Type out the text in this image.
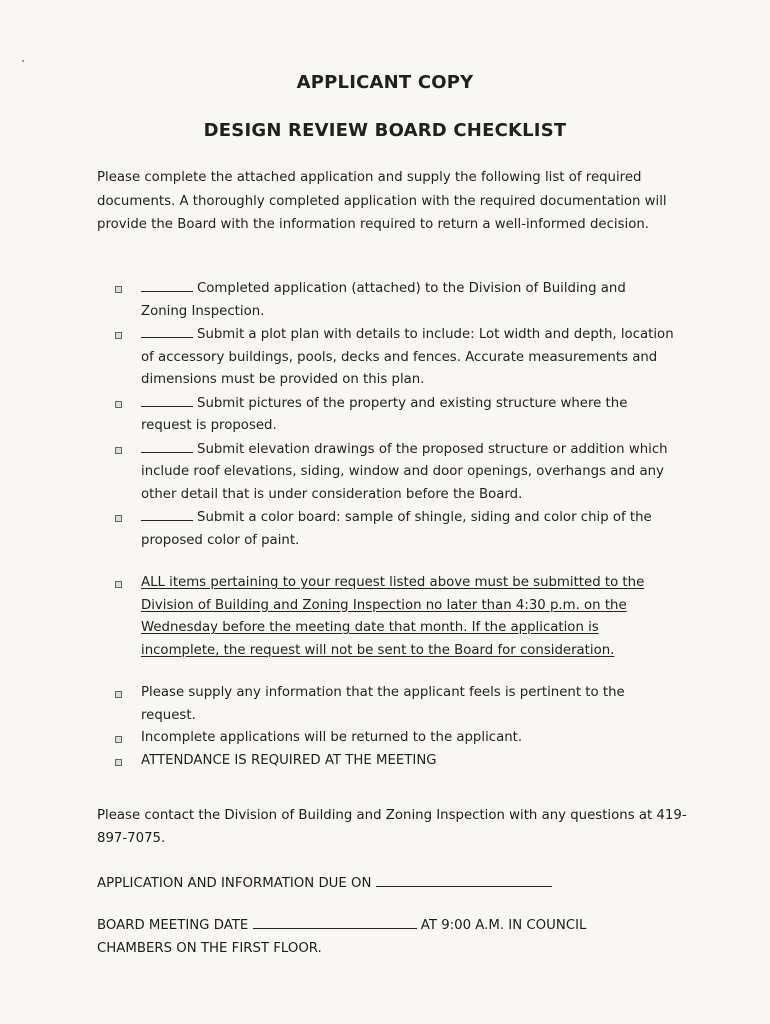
APPLICANT COPY
DESIGN REVIEW BOARD CHECKLIST
Please complete the attached application and supply the following list of required documents. A thoroughly completed application with the required documentation will provide the Board with the information required to return a well-informed decision.
Completed application (attached) to the Division of Building and Zoning Inspection.
Submit a plot plan with details to include: Lot width and depth, location of accessory buildings, pools, decks and fences. Accurate measurements and dimensions must be provided on this plan.
Submit pictures of the property and existing structure where the request is proposed.
Submit elevation drawings of the proposed structure or addition which include roof elevations, siding, window and door openings, overhangs and any other detail that is under consideration before the Board.
Submit a color board: sample of shingle, siding and color chip of the proposed color of paint.
ALL items pertaining to your request listed above must be submitted to the Division of Building and Zoning Inspection no later than 4:30 p.m. on the Wednesday before the meeting date that month. If the application is incomplete, the request will not be sent to the Board for consideration.
Please supply any information that the applicant feels is pertinent to the request.
Incomplete applications will be returned to the applicant.
ATTENDANCE IS REQUIRED AT THE MEETING
Please contact the Division of Building and Zoning Inspection with any questions at 419-897-7075.
APPLICATION AND INFORMATION DUE ON
BOARD MEETING DATE	AT 9:00 A.M. IN COUNCIL CHAMBERS ON THE FIRST FLOOR.
